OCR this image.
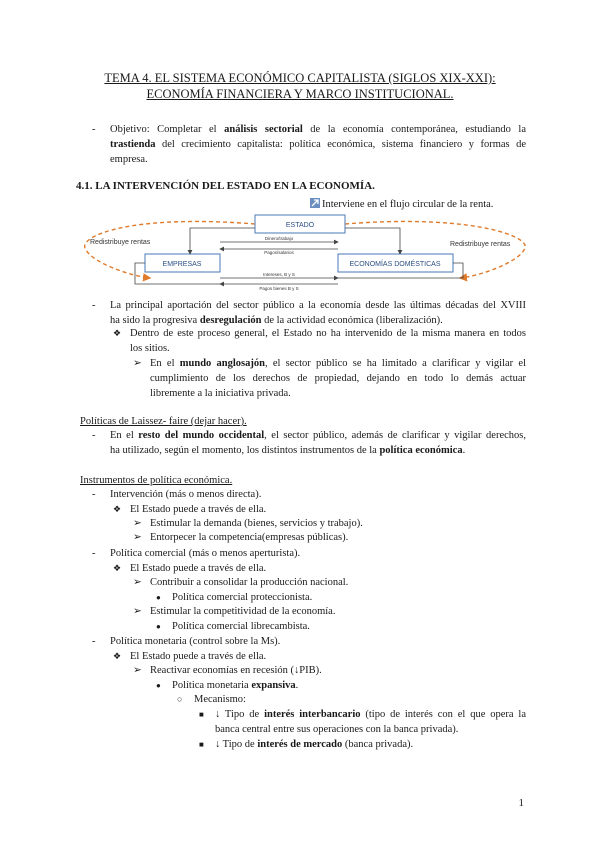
TEMA 4. EL SISTEMA ECONÓMICO CAPITALISTA (SIGLOS XIX-XXI):
ECONOMÍA FINANCIERA Y MARCO INSTITUCIONAL.
- Objetivo: Completar el análisis sectorial de la economía contemporánea, estudiando la
trastienda del crecimiento capitalista: política económica, sistema financiero y formas de
empresa.
4.1. LA INTERVENCIÓN DEL ESTADO EN LA ECONOMÍA.
Interviene en el flujo circular de la renta.
ESTADO
EMPRESAS	ECONOMÍAS DOMÉSTICAS
Redistribuye rentas	Redistribuye rentas
Dinero/trabajo
Pagos/salarios
Intereses, B y S
Pagos bienes B y S
- La principal aportación del sector público a la economía desde las últimas décadas del XVIII
ha sido la progresiva desregulación de la actividad económica (liberalización).
❖ Dentro de este proceso general, el Estado no ha intervenido de la misma manera en todos
los sitios.
➢ En el mundo anglosajón, el sector público se ha limitado a clarificar y vigilar el
cumplimiento de los derechos de propiedad, dejando en todo lo demás actuar
libremente a la iniciativa privada.
Políticas de Laissez- faire (dejar hacer).
- En el resto del mundo occidental, el sector público, además de clarificar y vigilar derechos,
ha utilizado, según el momento, los distintos instrumentos de la política económica.
Instrumentos de política económica.
- Intervención (más o menos directa).
❖ El Estado puede a través de ella.
➢ Estimular la demanda (bienes, servicios y trabajo).
➢ Entorpecer la competencia(empresas públicas).
- Política comercial (más o menos aperturista).
❖ El Estado puede a través de ella.
➢ Contribuir a consolidar la producción nacional.
● Política comercial proteccionista.
➢ Estimular la competitividad de la economía.
● Política comercial librecambista.
- Política monetaria (control sobre la Ms).
❖ El Estado puede a través de ella.
➢ Reactivar economías en recesión (↓PIB).
● Política monetaria expansiva.
○ Mecanismo:
■ ↓ Tipo de interés interbancario (tipo de interés con el que opera la
banca central entre sus operaciones con la banca privada).
■ ↓ Tipo de interés de mercado (banca privada).
1
